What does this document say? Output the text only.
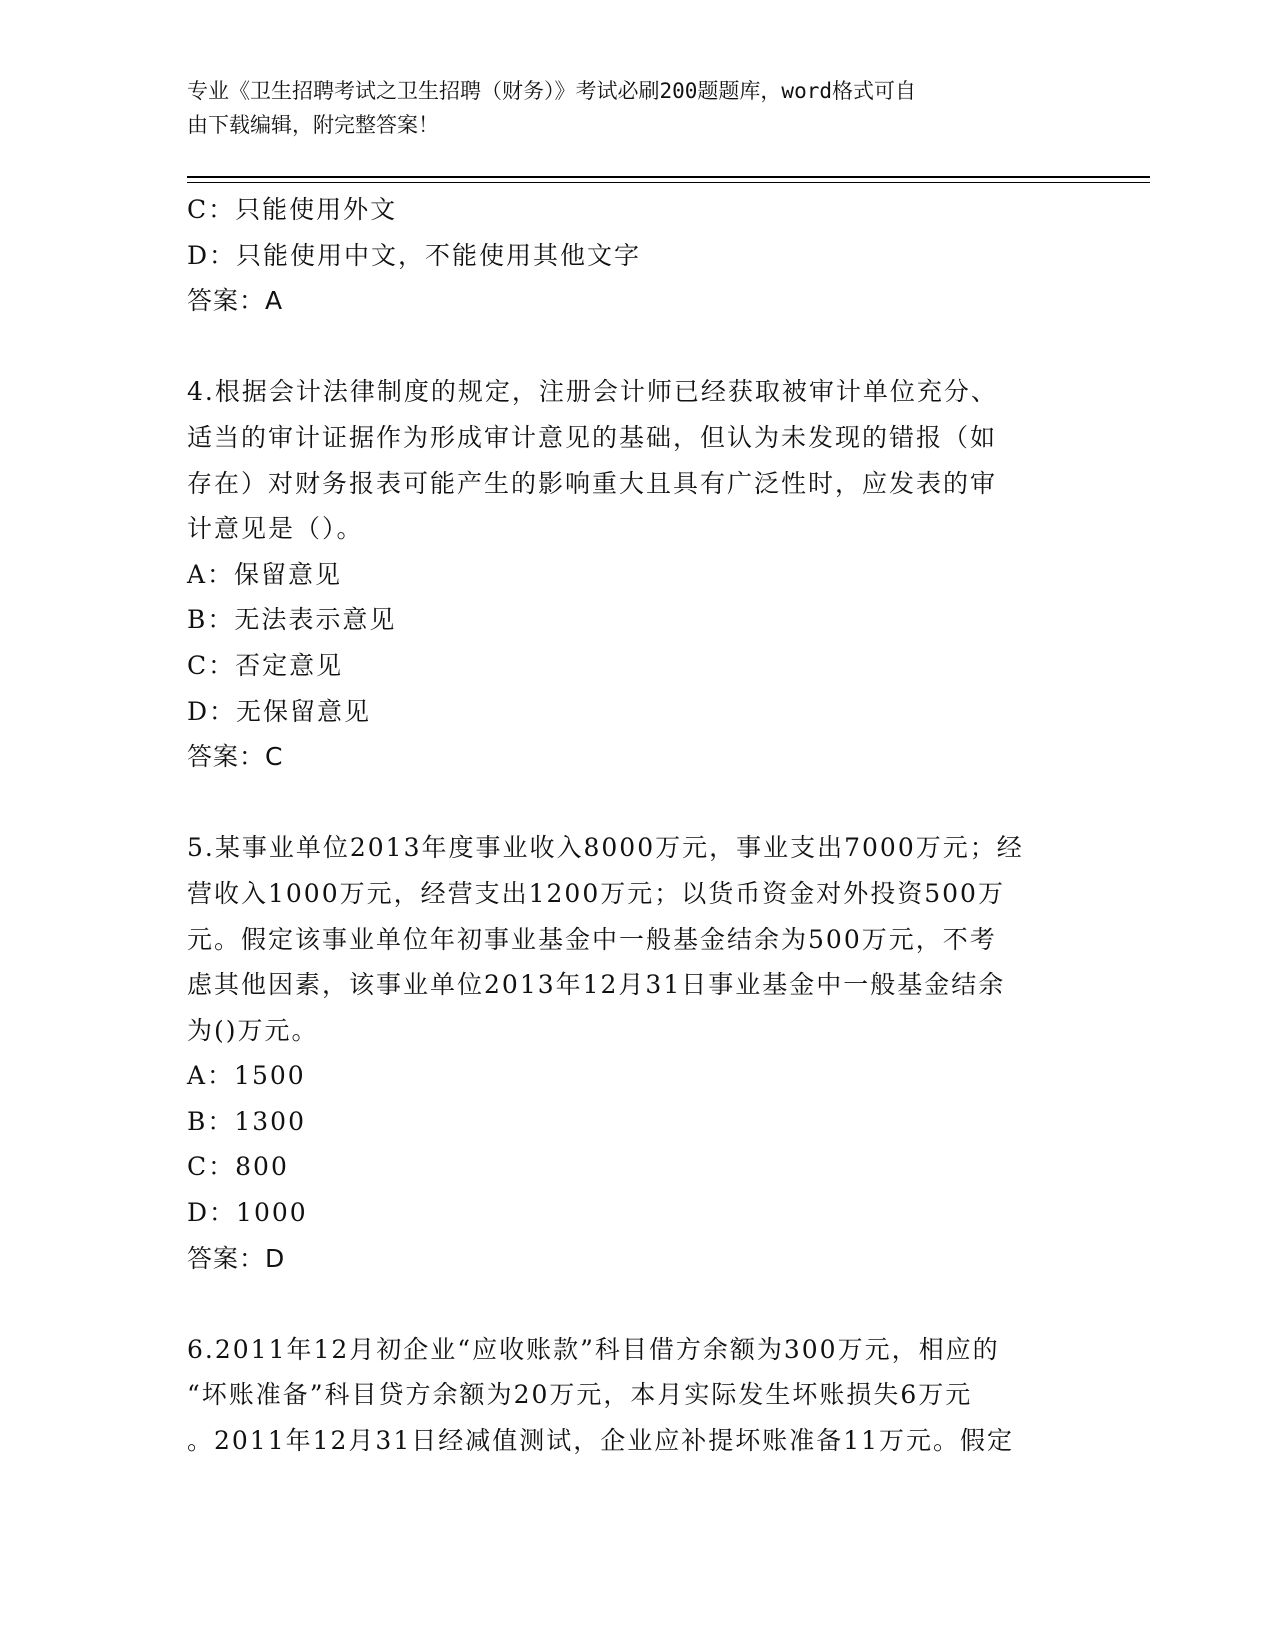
专业《卫生招聘考试之卫生招聘（财务）》考试必刷200题题库，word格式可自
由下载编辑，附完整答案！
C：只能使用外文
D：只能使用中文，不能使用其他文字
答案：A
4.根据会计法律制度的规定，注册会计师已经获取被审计单位充分、
适当的审计证据作为形成审计意见的基础，但认为未发现的错报（如
存在）对财务报表可能产生的影响重大且具有广泛性时，应发表的审
计意见是（）。
A：保留意见
B：无法表示意见
C：否定意见
D：无保留意见
答案：C
5.某事业单位2013年度事业收入8000万元，事业支出7000万元；经
营收入1000万元，经营支出1200万元；以货币资金对外投资500万
元。假定该事业单位年初事业基金中一般基金结余为500万元，不考
虑其他因素，该事业单位2013年12月31日事业基金中一般基金结余
为()万元。
A：1500
B：1300
C：800
D：1000
答案：D
6.2011年12月初企业“应收账款”科目借方余额为300万元，相应的
“坏账准备”科目贷方余额为20万元，本月实际发生坏账损失6万元
。2011年12月31日经减值测试，企业应补提坏账准备11万元。假定
